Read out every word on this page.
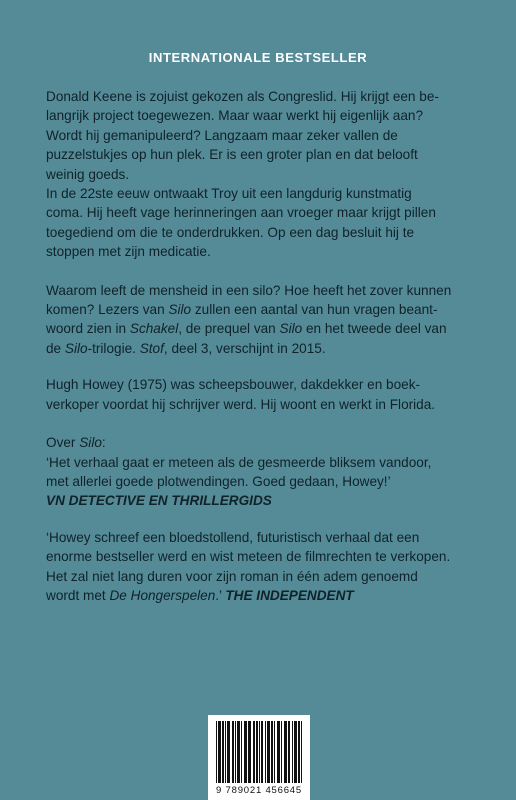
INTERNATIONALE BESTSELLER

Donald Keene is zojuist gekozen als Congreslid. Hij krijgt een be-
langrijk project toegewezen. Maar waar werkt hij eigenlijk aan?
Wordt hij gemanipuleerd? Langzaam maar zeker vallen de
puzzelstukjes op hun plek. Er is een groter plan en dat belooft
weinig goeds.

In de 22ste eeuw ontwaakt Troy uit een langdurig kunstmatig
coma. Hij heeft vage herinneringen aan vroeger maar krijgt pillen
toegediend om die te onderdrukken. Op een dag besluit hij te
stoppen met zijn medicatie.

Waarom leeft de mensheid in een silo? Hoe heeft het zover kunnen
komen? Lezers van Silo zullen een aantal van hun vragen beant-
woord zien in Schakel, de prequel van Silo en het tweede deel van
de Silo-trilogie. Stof, deel 3, verschijnt in 2015.

Hugh Howey (1975) was scheepsbouwer, dakdekker en boek-
verkoper voordat hij schrijver werd. Hij woont en werkt in Florida.

Over Silo:
‘Het verhaal gaat er meteen als de gesmeerde bliksem vandoor,
met allerlei goede plotwendingen. Goed gedaan, Howey!’
VN DETECTIVE EN THRILLERGIDS

‘Howey schreef een bloedstollend, futuristisch verhaal dat een
enorme bestseller werd en wist meteen de filmrechten te verkopen.
Het zal niet lang duren voor zijn roman in één adem genoemd
wordt met De Hongerspelen.’ THE INDEPENDENT

9 789021 456645
